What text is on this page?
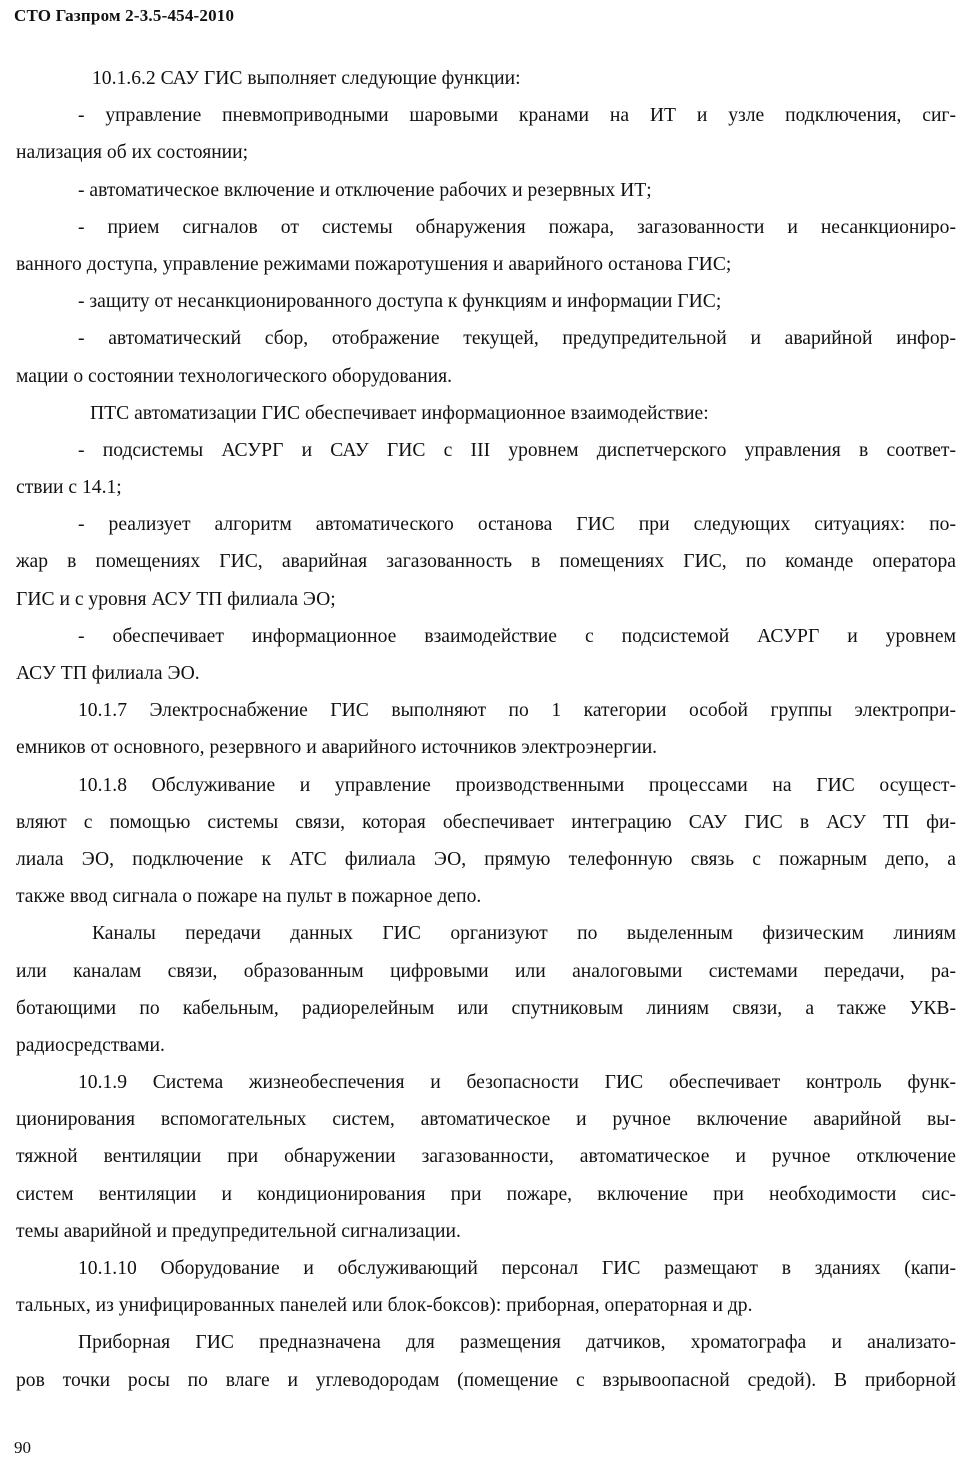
СТО Газпром 2-3.5-454-2010
10.1.6.2 САУ ГИС выполняет следующие функции:
- управление пневмоприводными шаровыми кранами на ИТ и узле подключения, сиг-
нализация об их состоянии;
- автоматическое включение и отключение рабочих и резервных ИТ;
- прием сигналов от системы обнаружения пожара, загазованности и несанкциониро-
ванного доступа, управление режимами пожаротушения и аварийного останова ГИС;
- защиту от несанкционированного доступа к функциям и информации ГИС;
- автоматический сбор, отображение текущей, предупредительной и аварийной инфор-
мации о состоянии технологического оборудования.
ПТС автоматизации ГИС обеспечивает информационное взаимодействие:
- подсистемы АСУРГ и САУ ГИС с III уровнем диспетчерского управления в соответ-
ствии с 14.1;
- реализует алгоритм автоматического останова ГИС при следующих ситуациях: по-
жар в помещениях ГИС, аварийная загазованность в помещениях ГИС, по команде оператора
ГИС и с уровня АСУ ТП филиала ЭО;
- обеспечивает информационное взаимодействие с подсистемой АСУРГ и уровнем
АСУ ТП филиала ЭО.
10.1.7 Электроснабжение ГИС выполняют по 1 категории особой группы электропри-
емников от основного, резервного и аварийного источников электроэнергии.
10.1.8 Обслуживание и управление производственными процессами на ГИС осущест-
вляют с помощью системы связи, которая обеспечивает интеграцию САУ ГИС в АСУ ТП фи-
лиала ЭО, подключение к АТС филиала ЭО, прямую телефонную связь с пожарным депо, а
также ввод сигнала о пожаре на пульт в пожарное депо.
Каналы передачи данных ГИС организуют по выделенным физическим линиям
или каналам связи, образованным цифровыми или аналоговыми системами передачи, ра-
ботающими по кабельным, радиорелейным или спутниковым линиям связи, а также УКВ-
радиосредствами.
10.1.9 Система жизнеобеспечения и безопасности ГИС обеспечивает контроль функ-
ционирования вспомогательных систем, автоматическое и ручное включение аварийной вы-
тяжной вентиляции при обнаружении загазованности, автоматическое и ручное отключение
систем вентиляции и кондиционирования при пожаре, включение при необходимости сис-
темы аварийной и предупредительной сигнализации.
10.1.10 Оборудование и обслуживающий персонал ГИС размещают в зданиях (капи-
тальных, из унифицированных панелей или блок-боксов): приборная, операторная и др.
Приборная ГИС предназначена для размещения датчиков, хроматографа и анализато-
ров точки росы по влаге и углеводородам (помещение с взрывоопасной средой). В приборной
90
